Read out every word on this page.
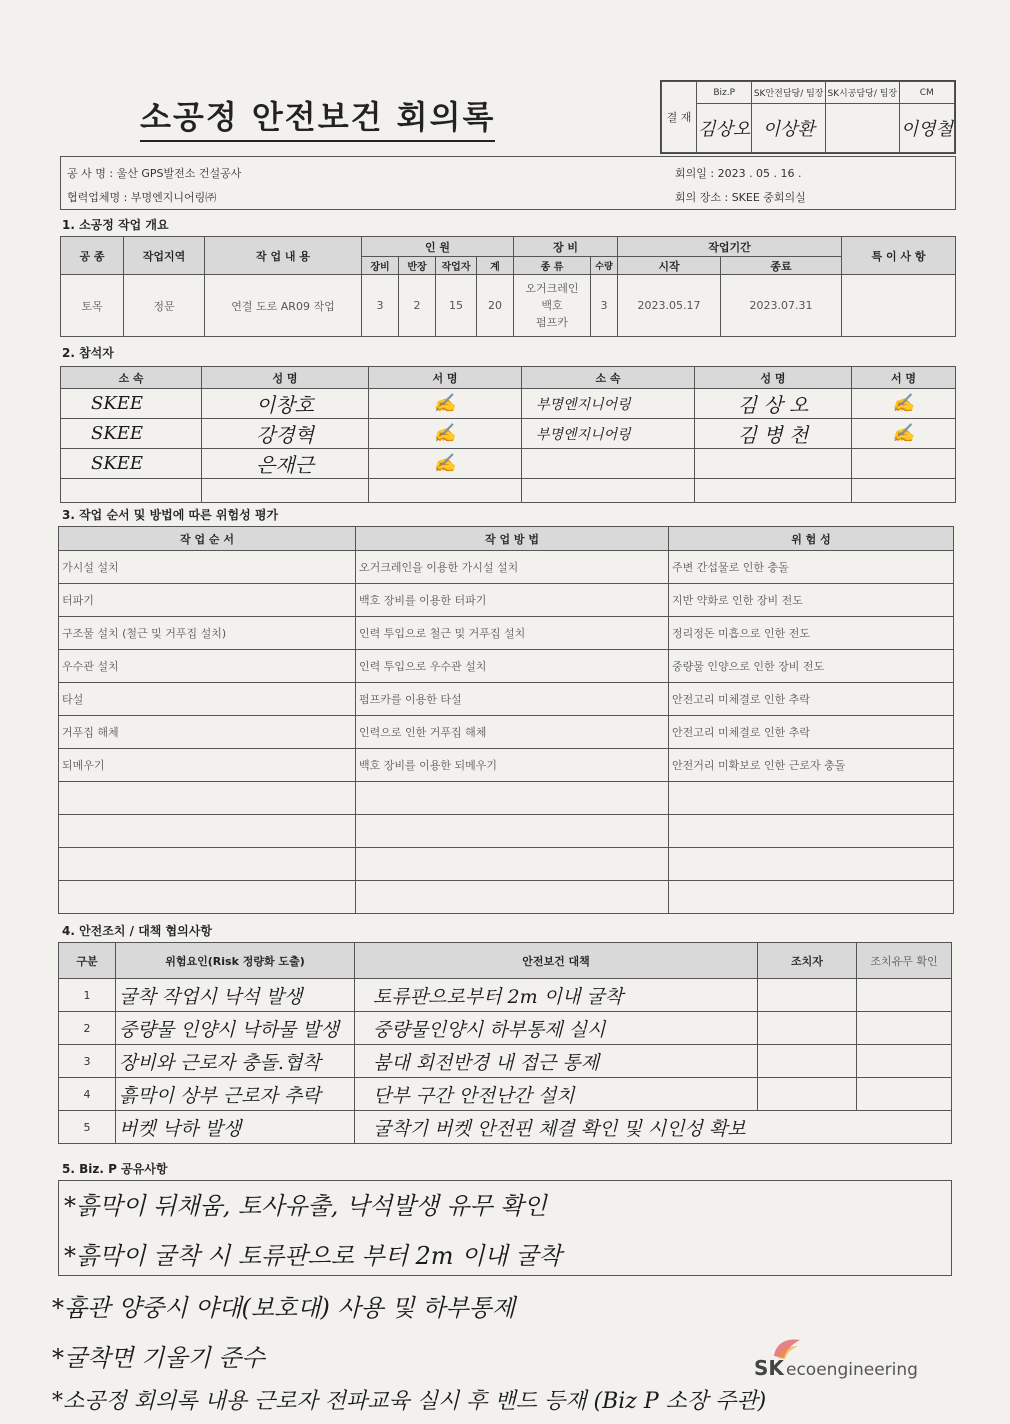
소공정 안전보건 회의록	결 재	Biz.P	SK안전담당/ 팀장	SK시공담당/ 팀장	CM
	김상오	이상환		이영철
공 사 명 : 울산 GPS발전소 건설공사
협력업체명 : 부명엔지니어링㈜
회의일 : 2023 . 05 . 16 .
회의 장소 : SKEE 중회의실
1. 소공정 작업 개요
공 종	작업지역	작 업 내 용	인 원				장 비		작업기간		특 이 사 항
			장비	반장	작업자	계	종 류	수량	시작	종료	
토목	정문	연결 도로 AR09 작업	3	2	15	20	오거크레인
백호
펌프카	3	2023.05.17	2023.07.31	
2. 참석자
소 속	성 명	서 명	소 속	성 명	서 명
SKEE	이창호	✍	부명엔지니어링	김 상 오	✍
SKEE	강경혁	✍	부명엔지니어링	김 병 천	✍
SKEE	은재근	✍			

3. 작업 순서 및 방법에 따른 위험성 평가
작 업 순 서	작 업 방 법	위 험 성
가시설 설치	오거크레인을 이용한 가시설 설치	주변 간섭물로 인한 충돌
터파기	백호 장비를 이용한 터파기	지반 약화로 인한 장비 전도
구조물 설치 (철근 및 거푸집 설치)	인력 투입으로 철근 및 거푸집 설치	정리정돈 미흡으로 인한 전도
우수관 설치	인력 투입으로 우수관 설치	중량물 인양으로 인한 장비 전도
타설	펌프카를 이용한 타설	안전고리 미체결로 인한 추락
거푸집 해체	인력으로 인한 거푸집 해체	안전고리 미체결로 인한 추락
되메우기	백호 장비를 이용한 되메우기	안전거리 미확보로 인한 근로자 충돌

4. 안전조치 / 대책 협의사항
구분	위험요인(Risk 정량화 도출)	안전보건 대책	조치자	조치유무 확인
1	굴착 작업시 낙석 발생	토류판으로부터 2m 이내 굴착		
2	중량물 인양시 낙하물 발생	중량물인양시 하부통제 실시		
3	장비와 근로자 충돌.협착	붐대 회전반경 내 접근 통제		
4	흙막이 상부 근로자 추락	단부 구간 안전난간 설치		
5	버켓 낙하 발생	굴착기 버켓 안전핀 체결 확인 및 시인성 확보		
5. Biz. P 공유사항
*흙막이 뒤채움, 토사유출, 낙석발생 유무 확인
*흙막이 굴착 시 토류판으로 부터 2m 이내 굴착
*흄관 양중시 야대(보호대) 사용 및 하부통제
*굴착면 기울기 준수
*소공정 회의록 내용 근로자 전파교육 실시 후 밴드 등재 (Biz P 소장 주관)
SK ecoengineering
